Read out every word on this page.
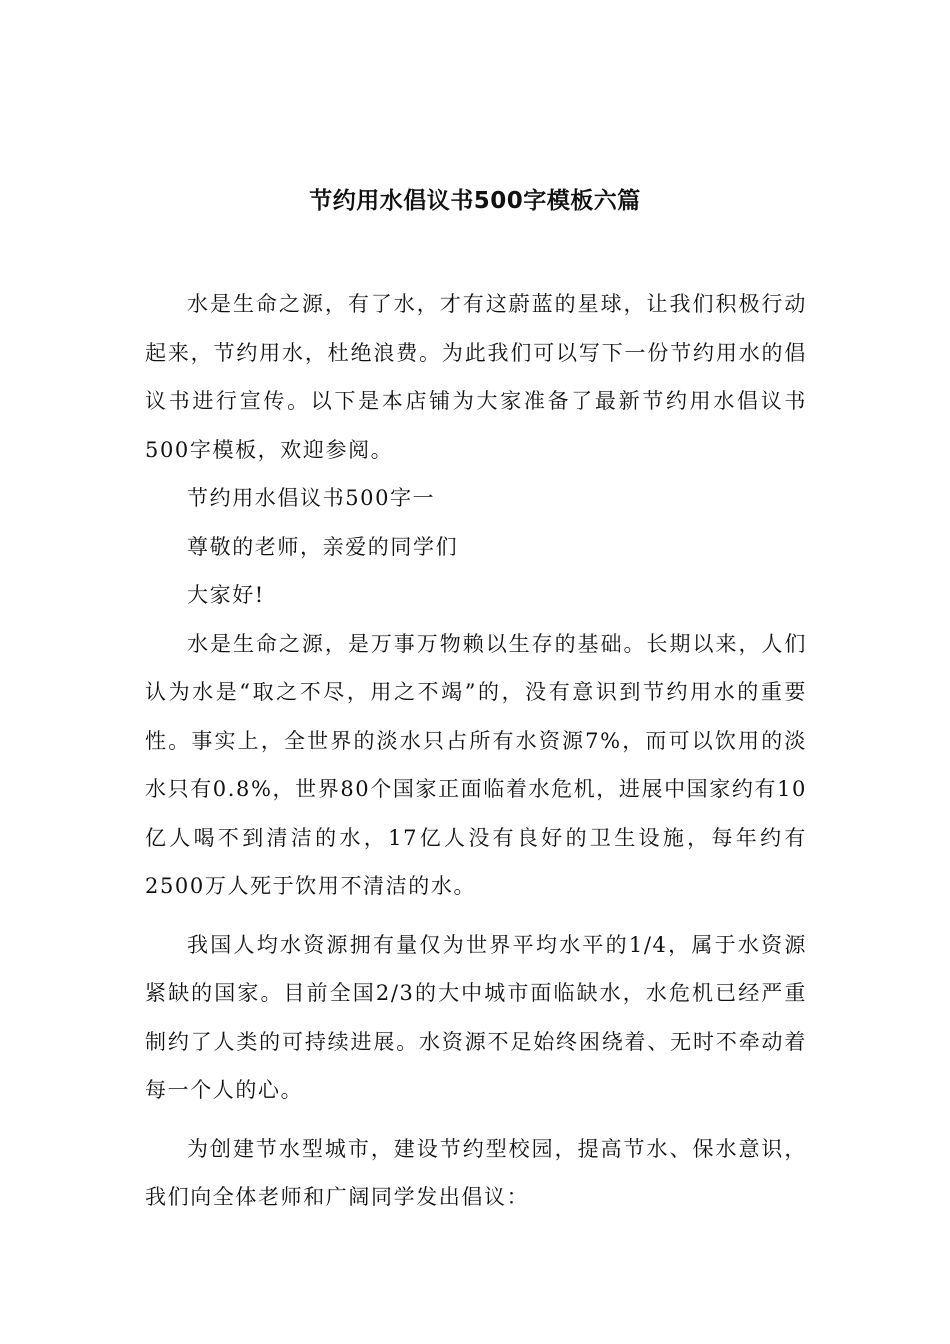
节约用水倡议书500字模板六篇

水是生命之源，有了水，才有这蔚蓝的星球，让我们积极行动起来，节约用水，杜绝浪费。为此我们可以写下一份节约用水的倡议书进行宣传。以下是本店铺为大家准备了最新节约用水倡议书500字模板，欢迎参阅。

节约用水倡议书500字一

尊敬的老师，亲爱的同学们

大家好!

水是生命之源，是万事万物赖以生存的基础。长期以来，人们认为水是“取之不尽，用之不竭”的，没有意识到节约用水的重要性。事实上，全世界的淡水只占所有水资源7%，而可以饮用的淡水只有0.8%，世界80个国家正面临着水危机，进展中国家约有10亿人喝不到清洁的水，17亿人没有良好的卫生设施，每年约有2500万人死于饮用不清洁的水。

我国人均水资源拥有量仅为世界平均水平的1/4，属于水资源紧缺的国家。目前全国2/3的大中城市面临缺水，水危机已经严重制约了人类的可持续进展。水资源不足始终困绕着、无时不牵动着每一个人的心。

为创建节水型城市，建设节约型校园，提高节水、保水意识，我们向全体老师和广阔同学发出倡议：
